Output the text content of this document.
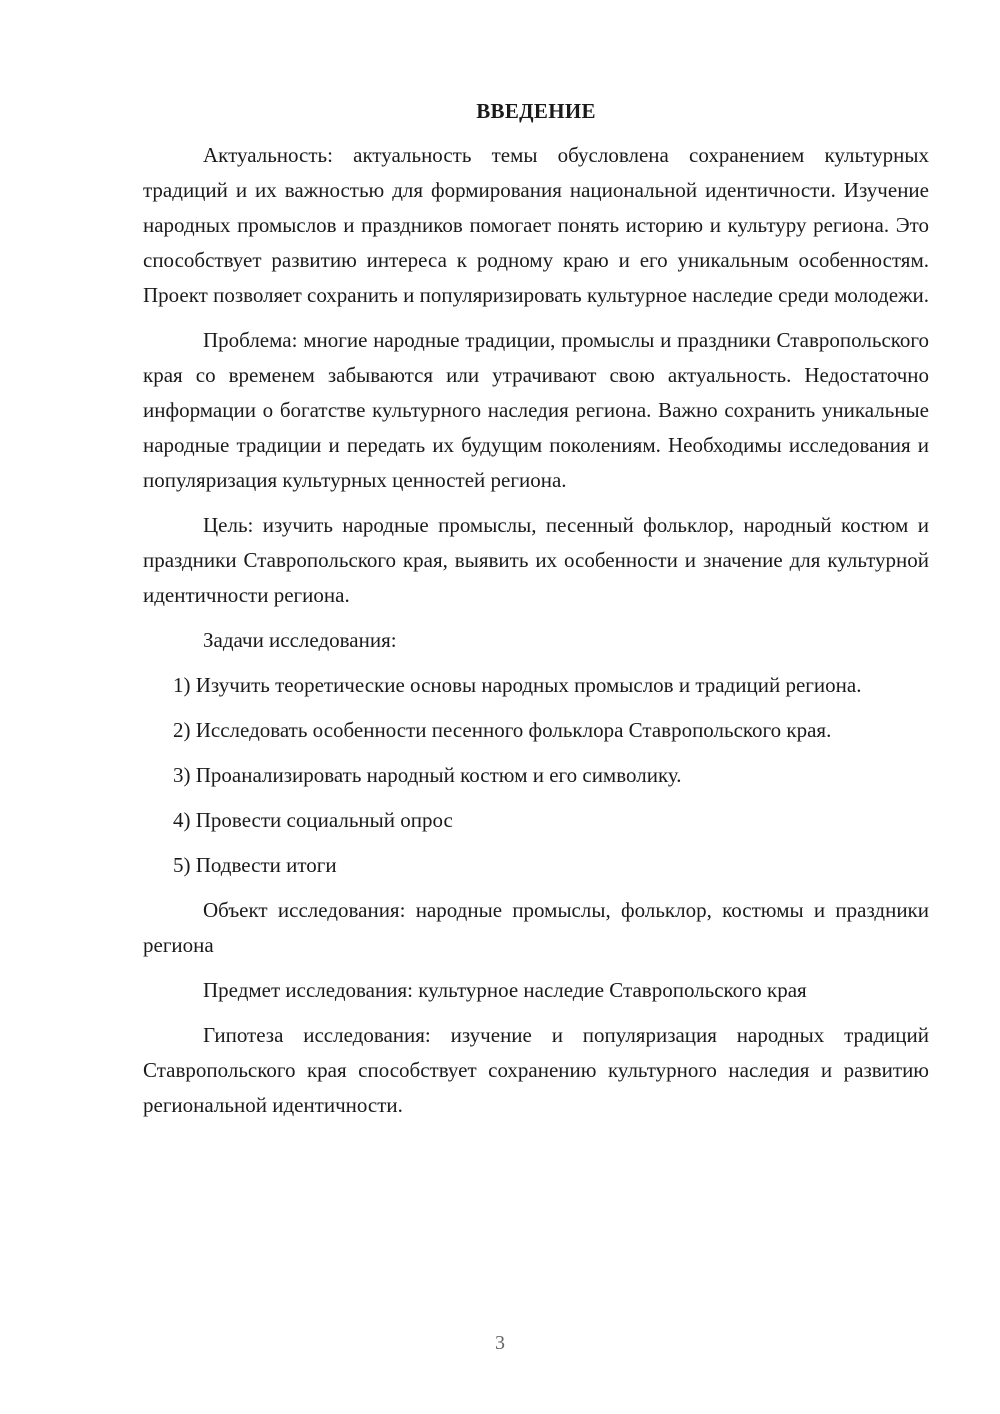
ВВЕДЕНИЕ

Актуальность: актуальность темы обусловлена сохранением культурных традиций и их важностью для формирования национальной идентичности. Изучение народных промыслов и праздников помогает понять историю и культуру региона. Это способствует развитию интереса к родному краю и его уникальным особенностям. Проект позволяет сохранить и популяризировать культурное наследие среди молодежи.

Проблема: многие народные традиции, промыслы и праздники Ставропольского края со временем забываются или утрачивают свою актуальность. Недостаточно информации о богатстве культурного наследия региона. Важно сохранить уникальные народные традиции и передать их будущим поколениям. Необходимы исследования и популяризация культурных ценностей региона.

Цель: изучить народные промыслы, песенный фольклор, народный костюм и праздники Ставропольского края, выявить их особенности и значение для культурной идентичности региона.

Задачи исследования:

1) Изучить теоретические основы народных промыслов и традиций региона.

2) Исследовать особенности песенного фольклора Ставропольского края.

3) Проанализировать народный костюм и его символику.

4) Провести социальный опрос

5) Подвести итоги

Объект исследования: народные промыслы, фольклор, костюмы и праздники региона

Предмет исследования: культурное наследие Ставропольского края

Гипотеза исследования: изучение и популяризация народных традиций Ставропольского края способствует сохранению культурного наследия и развитию региональной идентичности.

3
